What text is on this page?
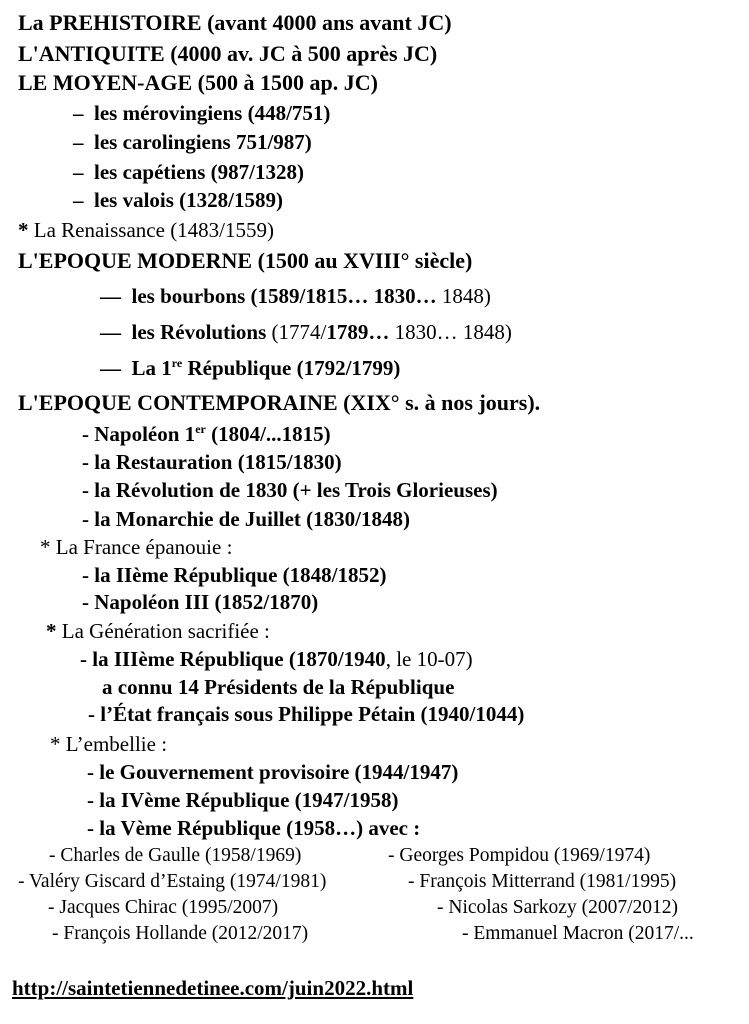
La PREHISTOIRE (avant 4000 ans avant JC)
L'ANTIQUITE (4000 av. JC à 500 après JC)
LE MOYEN-AGE (500 à 1500 ap. JC)
– les mérovingiens (448/751)
– les carolingiens 751/987)
– les capétiens (987/1328)
– les valois (1328/1589)
* La Renaissance (1483/1559)
L'EPOQUE MODERNE (1500 au XVIII° siècle)
— les bourbons (1589/1815… 1830… 1848)
— les Révolutions (1774/1789… 1830… 1848)
— La 1re République (1792/1799)
L'EPOQUE CONTEMPORAINE (XIX° s. à nos jours).
- Napoléon 1er (1804/...1815)
- la Restauration (1815/1830)
- la Révolution de 1830 (+ les Trois Glorieuses)
- la Monarchie de Juillet (1830/1848)
* La France épanouie :
- la IIème République (1848/1852)
- Napoléon III (1852/1870)
* La Génération sacrifiée :
- la IIIème République (1870/1940, le 10-07)
a connu 14 Présidents de la République
- l’État français sous Philippe Pétain (1940/1044)
* L’embellie :
- le Gouvernement provisoire (1944/1947)
- la IVème République (1947/1958)
- la Vème République (1958…) avec :
- Charles de Gaulle (1958/1969)	- Georges Pompidou (1969/1974)
- Valéry Giscard d’Estaing (1974/1981)	- François Mitterrand (1981/1995)
- Jacques Chirac (1995/2007)	- Nicolas Sarkozy (2007/2012)
- François Hollande (2012/2017)	- Emmanuel Macron (2017/...
http://saintetiennedetinee.com/juin2022.html
